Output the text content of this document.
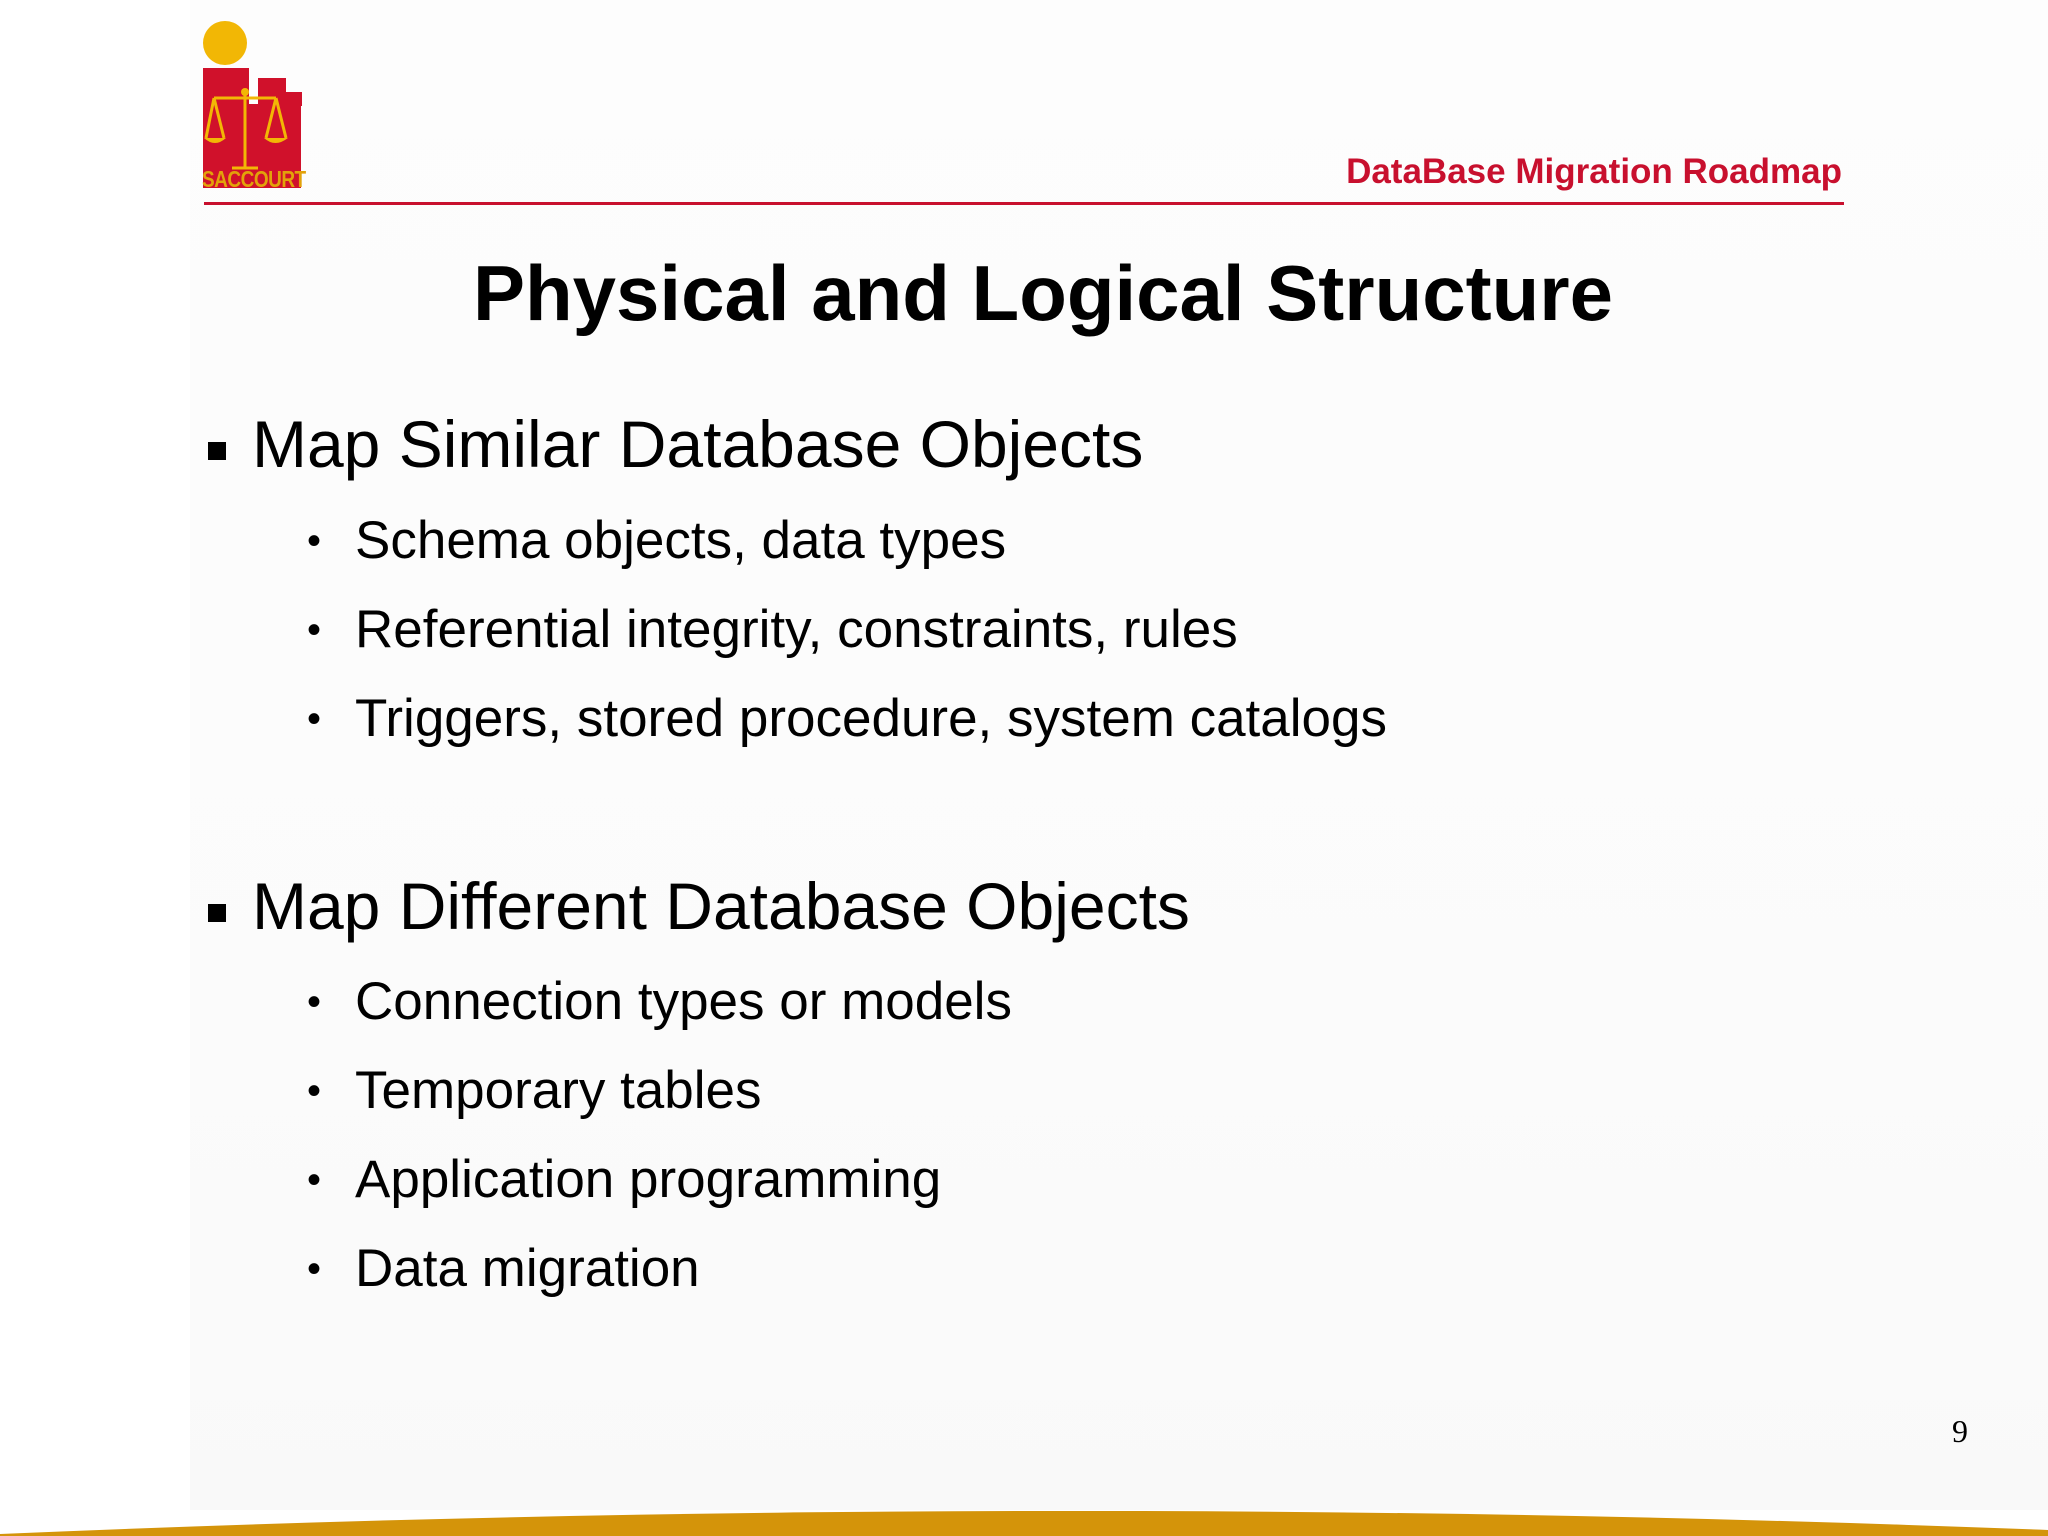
SACCOURT	DataBase Migration Roadmap
Physical and Logical Structure
Map Similar Database Objects
• Schema objects, data types
• Referential integrity, constraints, rules
• Triggers, stored procedure, system catalogs
Map Different Database Objects
• Connection types or models
• Temporary tables
• Application programming
• Data migration
9
